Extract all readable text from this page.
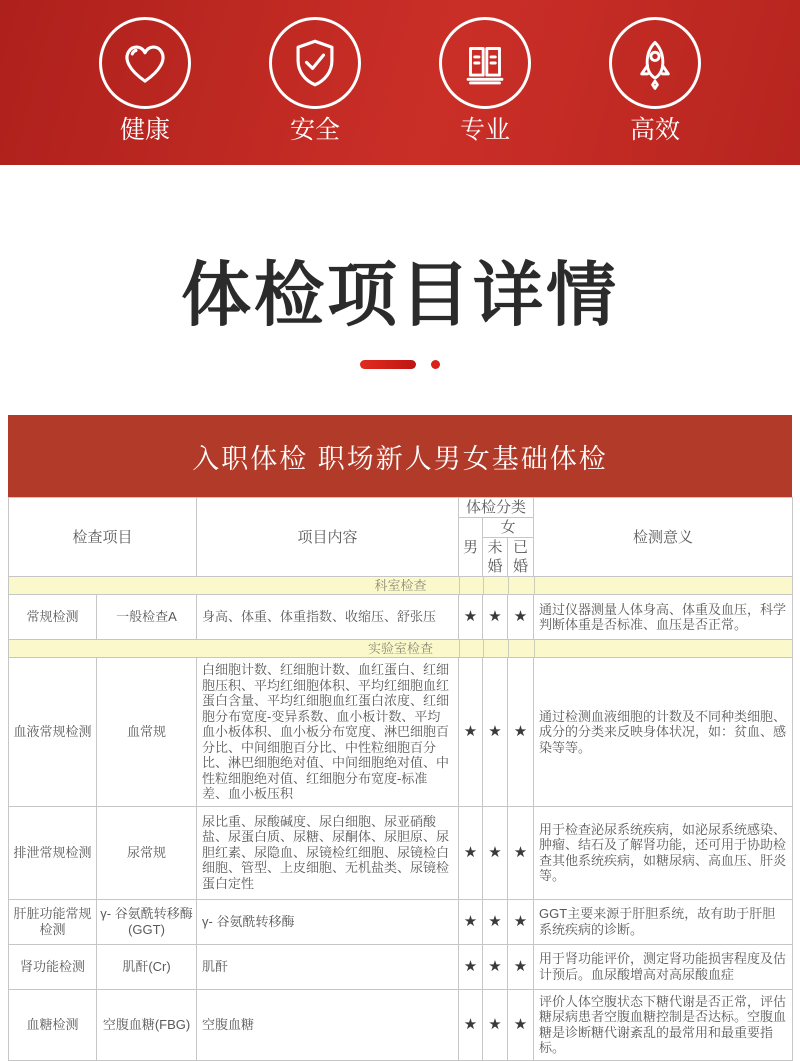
健康	安全	专业	高效
体检项目详情
入职体检 职场新人男女基础体检
检查项目		项目内容	体检分类			检测意义
			男	女		
				未婚	已婚	
科室检查						

常规检测	一般检查A	身高、体重、体重指数、收缩压、舒张压	★	★	★	通过仪器测量人体身高、体重及血压，科学判断体重是否标准、血压是否正常。
实验室检查						

血液常规检测	血常规	白细胞计数、红细胞计数、血红蛋白、红细胞压积、平均红细胞体积、平均红细胞血红蛋白含量、平均红细胞血红蛋白浓度、红细胞分布宽度-变异系数、血小板计数、平均血小板体积、血小板分布宽度、淋巴细胞百分比、中间细胞百分比、中性粒细胞百分比、淋巴细胞绝对值、中间细胞绝对值、中性粒细胞绝对值、红细胞分布宽度-标准差、血小板压积	★	★	★	通过检测血液细胞的计数及不同种类细胞、成分的分类来反映身体状况，如：贫血、感染等等。
排泄常规检测	尿常规	尿比重、尿酸碱度、尿白细胞、尿亚硝酸盐、尿蛋白质、尿糖、尿酮体、尿胆原、尿胆红素、尿隐血、尿镜检红细胞、尿镜检白细胞、管型、上皮细胞、无机盐类、尿镜检蛋白定性	★	★	★	用于检查泌尿系统疾病，如泌尿系统感染、肿瘤、结石及了解肾功能，还可用于协助检查其他系统疾病，如糖尿病、高血压、肝炎等。
肝脏功能常规检测	γ- 谷氨酰转移酶(GGT)	γ- 谷氨酰转移酶	★	★	★	GGT主要来源于肝胆系统，故有助于肝胆系统疾病的诊断。
肾功能检测	肌酐(Cr)	肌酐	★	★	★	用于肾功能评价，测定肾功能损害程度及估计预后。血尿酸增高对高尿酸血症
血糖检测	空腹血糖(FBG)	空腹血糖	★	★	★	评价人体空腹状态下糖代谢是否正常，评估糖尿病患者空腹血糖控制是否达标。空腹血糖是诊断糖代谢紊乱的最常用和最重要指标。
